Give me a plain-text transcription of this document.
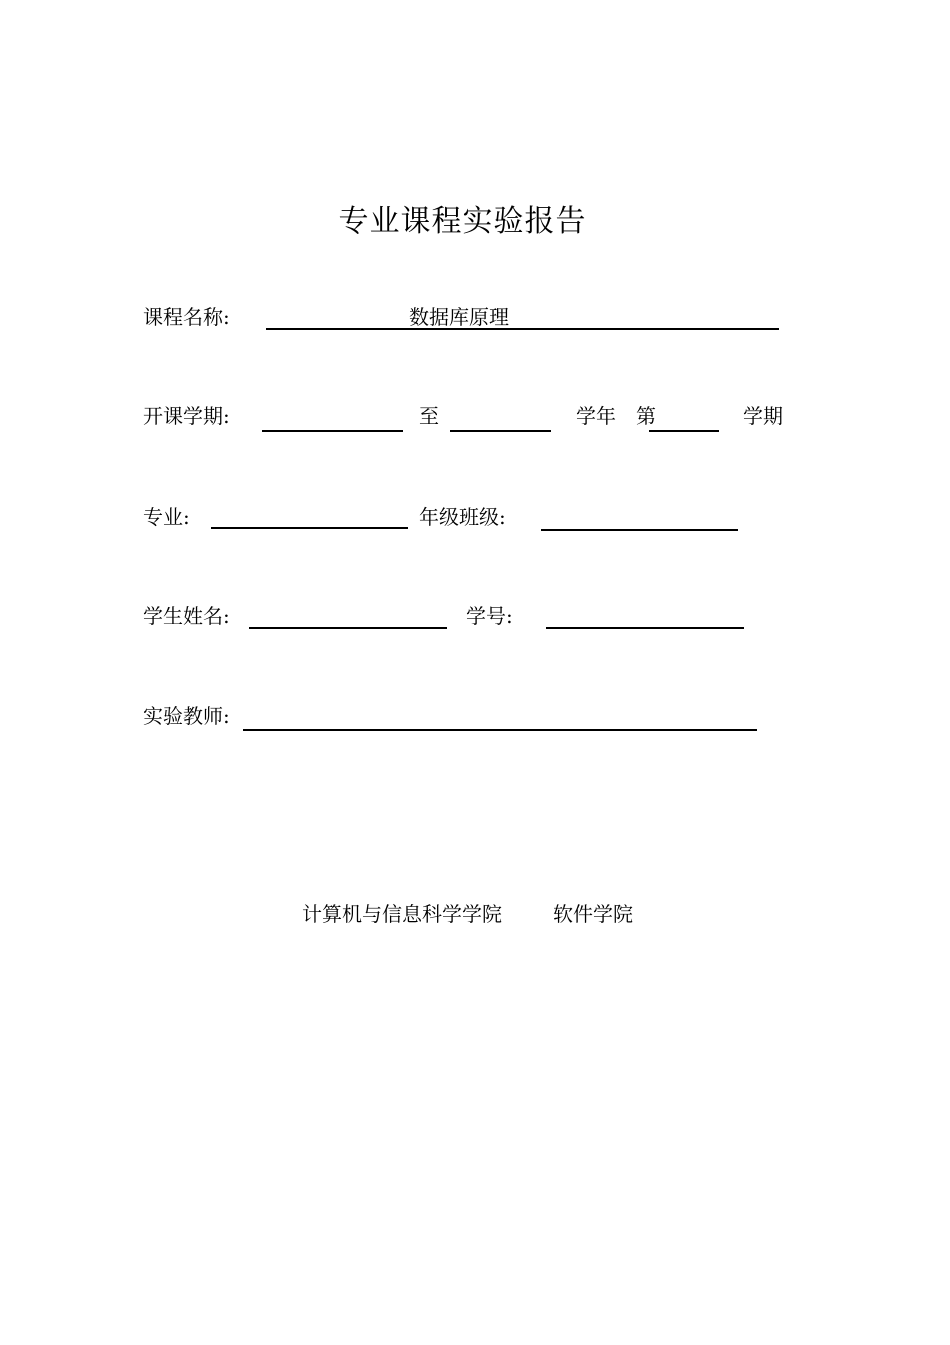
专业课程实验报告
课程名称:	数据库原理
开课学期:	至	学年 第	学期
专业:	年级班级:
学生姓名:	学号:
实验教师:
计算机与信息科学学院	软件学院
